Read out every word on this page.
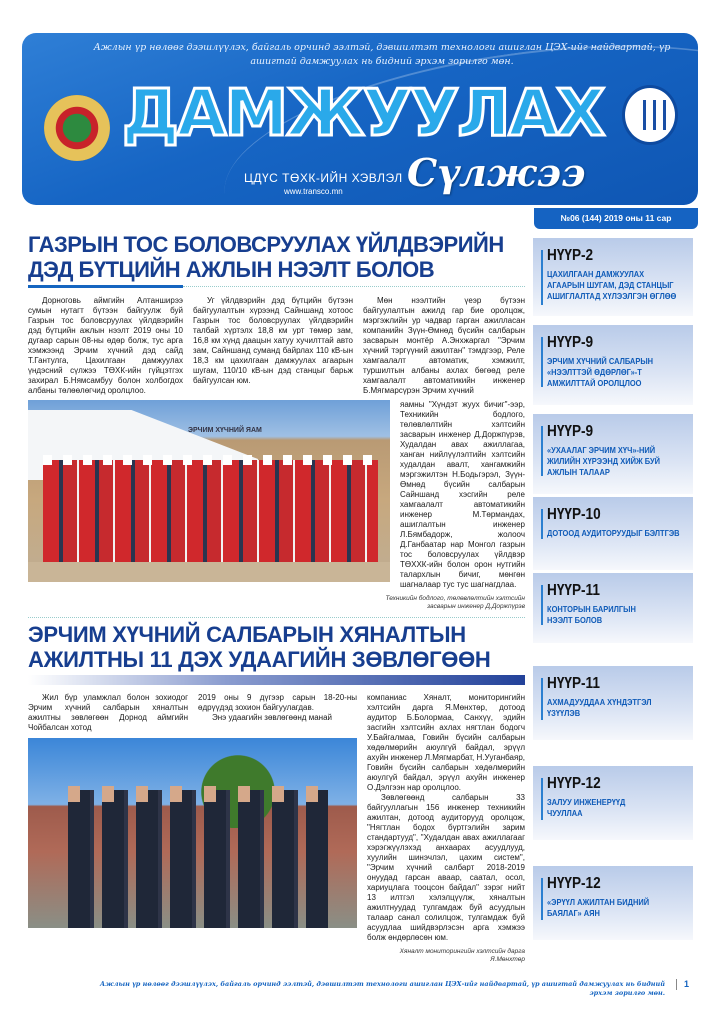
Ажлын үр нөлөөг дээшлүүлэх, байгаль орчинд ээлтэй, дэвшилтэт технологи ашиглан ЦЭХ-ийг найдвартай, үр ашигтай дамжуулах нь бидний эрхэм зорилго мөн.
ДАМЖУУЛАХ
Сүлжээ
ЦДҮС ТӨХК-ИЙН ХЭВЛЭЛ
www.transco.mn
№06 (144) 2019 оны 11 сар
ГАЗРЫН ТОС БОЛОВСРУУЛАХ ҮЙЛДВЭРИЙН ДЭД БҮТЦИЙН АЖЛЫН НЭЭЛТ БОЛОВ

Дорноговь аймгийн Алтанширээ сумын нутагт бүтээн байгуулж буй Газрын тос боловсруулах үйлдвэрийн дэд бүтцийн ажлын нээлт 2019 оны 10 дугаар сарын 08-ны өдөр болж, тус арга хэмжээнд Эрчим хүчний дэд сайд Т.Гантулга, Цахилгаан дамжуулах үндэсний сүлжээ ТӨХК-ийн гүйцэтгэх захирал Б.Нямсамбуу болон холбогдох албаны төлөөлөгчид оролцлоо.

Уг үйлдвэрийн дэд бүтцийн бүтээн байгуулалтын хүрээнд Сайншанд хотоос Газрын тос боловсруулах үйлдвэрийн талбай хүртэлх 18,8 км урт төмөр зам, 16,8 км хүнд даацын хатуу хучилттай авто зам, Сайншанд суманд байрлах 110 кВ-ын 18,3 км цахилгаан дамжуулах агаарын шугам, 110/10 кВ-ын дэд станцыг барьж байгуулсан юм.

Мөн нээлтийн үеэр бүтээн байгуулалтын ажилд гар бие оролцож, мэргэжлийн ур чадвар гарган ажилласан компанийн Зүүн-Өмнөд бүсийн салбарын засварын монтёр А.Энхжаргал "Эрчим хүчний тэргүүний ажилтан" тэмдгээр, Реле хамгаалалт автоматик, хэмжилт, туршилтын албаны ахлах бөгөөд реле хамгаалалт автоматикийн инженер Б.Мягмарсүрэн Эрчим хүчний

ЭРЧИМ ХҮЧНИЙ ЯАМ
яамны "Хүндэт жуух бичиг"-ээр, Техникийн бодлого, төлөвлөлтийн хэлтсийн засварын инженер Д.Доржпүрэв, Худалдан авах ажиллагаа, ханган нийлүүлэлтийн хэлтсийн худалдан авалт, хангамжийн мэргэжилтэн Н.Бодьгэрэл, Зүүн-Өмнөд бүсийн салбарын Сайншанд хэсгийн реле хамгаалалт автоматикийн инженер М.Төрмандах, ашиглалтын инженер Л.Бямбадорж, жолооч Д.Ганбаатар нар Монгол газрын тос боловсруулах үйлдвэр ТӨХХК-ийн болон орон нутгийн талархлын бичиг, мөнгөн шагналаар тус тус шагнагдлаа.
Техникийн бодлого, төлөвлөлтийн хэлтсийн засварын инженер Д.Доржпүрэв
ЭРЧИМ ХҮЧНИЙ САЛБАРЫН ХЯНАЛТЫН АЖИЛТНЫ 11 ДЭХ УДААГИЙН ЗӨВЛӨГӨӨН

Жил бүр уламжлал болон зохиодог Эрчим хүчний салбарын хяналтын ажилтны зөвлөгөөн Дорнод аймгийн Чойбалсан хотод

2019 оны 9 дүгээр сарын 18-20-ны өдрүүдэд зохион байгуулагдав.

Энэ удаагийн зөвлөгөөнд манай

компаниас Хяналт, мониторингийн хэлтсийн дарга Я.Мөнхтөр, дотоод аудитор Б.Болормаа, Санхүү, эдийн засгийн хэлтсийн ахлах нягтлан бодогч У.Байгалмаа, Говийн бүсийн салбарын хөдөлмөрийн аюулгүй байдал, эрүүл ахуйн инженер Л.Мягмарбат, Н.Ууганбаяр, Говийн бүсийн салбарын хөдөлмөрийн аюулгүй байдал, эрүүл ахуйн инженер О.Дэлгээн нар оролцлоо.

Зөвлөгөөнд салбарын 33 байгууллагын 156 инженер техникийн ажилтан, дотоод аудиторууд оролцож, "Нягтлан бодох бүртгэлийн зарим стандартууд", "Худалдан авах ажиллагааг хэрэгжүүлэхэд анхаарах асуудлууд, хуулийн шинэчлэл, цахим систем", "Эрчим хүчний салбарт 2018-2019 онуудад гарсан аваар, саатал, осол, хариуцлага тооцсон байдал" зэрэг нийт 13 илтгэл хэлэлцүүлж, хяналтын ажилтнуудад тулгамдаж буй асуудлын талаар санал солилцож, тулгамдаж буй асуудлаа шийдвэрлэсэн арга хэмжээ болж өндөрлөсөн юм.

Хяналт мониторингийн хэлтсийн дарга Я.Мөнхтөр
НҮҮР-2
ЦАХИЛГААН ДАМЖУУЛАХ
АГААРЫН ШУГАМ, ДЭД СТАНЦЫГ
АШИГЛАЛТАД ХҮЛЭЭЛГЭН ӨГЛӨӨ
НҮҮР-9
ЭРЧИМ ХҮЧНИЙ САЛБАРЫН
«НЭЭЛТТЭЙ ӨДӨРЛӨГ»-Т
АМЖИЛТТАЙ ОРОЛЦЛОО
НҮҮР-9
«УХААЛАГ ЭРЧИМ ХҮЧ»-НИЙ
ЖИЛИЙН ХҮРЭЭНД ХИЙЖ БУЙ
АЖЛЫН ТАЛААР
НҮҮР-10
ДОТООД АУДИТОРУУДЫГ БЭЛТГЭВ
НҮҮР-11
КОНТОРЫН БАРИЛГЫН
НЭЭЛТ БОЛОВ
НҮҮР-11
АХМАДУУДДАА ХҮНДЭТГЭЛ
ҮЗҮҮЛЭВ
НҮҮР-12
ЗАЛУУ ИНЖЕНЕРҮҮД
ЧУУЛЛАА
НҮҮР-12
«ЭРҮҮЛ АЖИЛТАН БИДНИЙ
БАЯЛАГ» АЯН
Ажлын үр нөлөөг дээшлүүлэх, байгаль орчинд ээлтэй, дэвшилтэт технологи ашиглан ЦЭХ-ийг найдвартай, үр ашигтай дамжуулах нь бидний эрхэм зорилго мөн.
1
